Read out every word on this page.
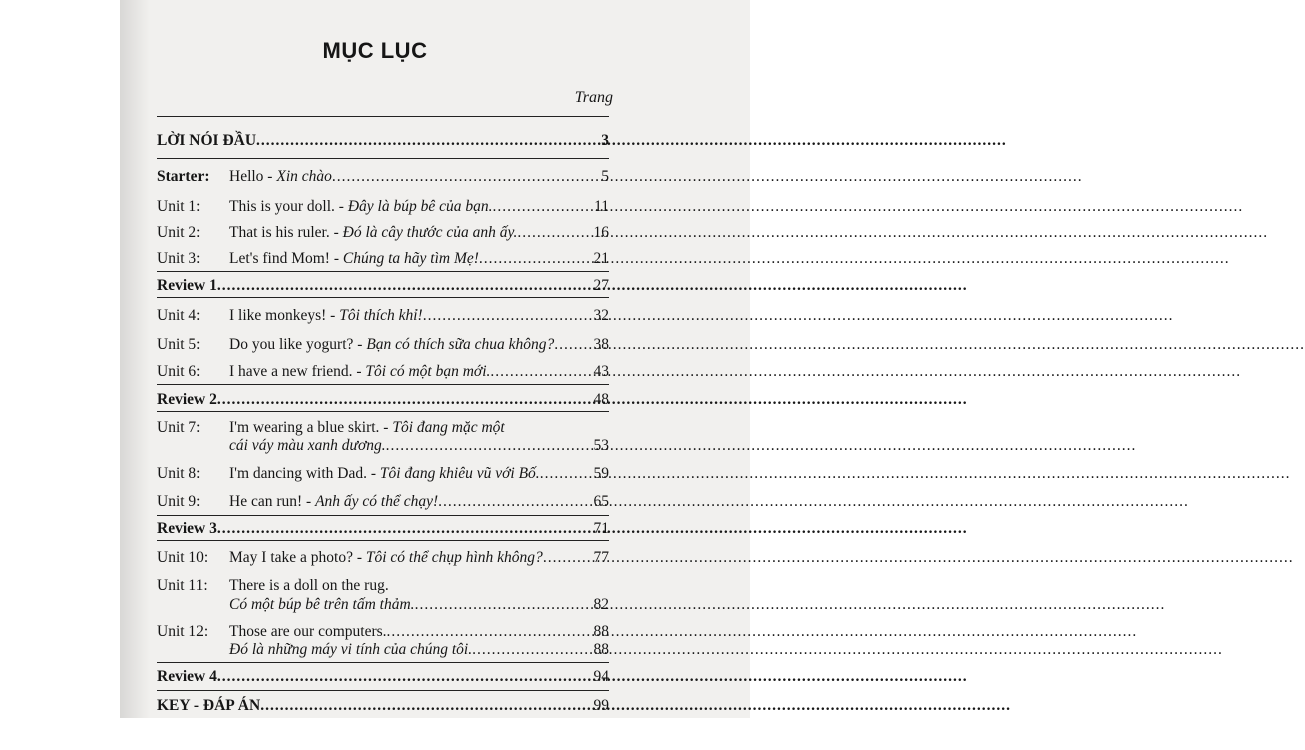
MỤC LỤC
Trang
LỜI NÓI ĐẦU .....	3
Starter:	Hello - Xin chào .....	5
Unit 1:	This is your doll. - Đây là búp bê của bạn. .....	11
Unit 2:	That is his ruler. - Đó là cây thước của anh ấy. .....	16
Unit 3:	Let's find Mom! - Chúng ta hãy tìm Mẹ! .....	21
Review 1 .....	27
Unit 4:	I like monkeys! - Tôi thích khỉ! .....	32
Unit 5:	Do you like yogurt? - Bạn có thích sữa chua không? .....	38
Unit 6:	I have a new friend. - Tôi có một bạn mới. .....	43
Review 2 .....	48
Unit 7:	I'm wearing a blue skirt. - Tôi đang mặc một
cái váy màu xanh dương. .....	53
Unit 8:	I'm dancing with Dad. - Tôi đang khiêu vũ với Bố. .....	59
Unit 9:	He can run! - Anh ấy có thể chạy! .....	65
Review 3 .....	71
Unit 10:	May I take a photo? - Tôi có thể chụp hình không? .....	77
Unit 11:	There is a doll on the rug.
Có một búp bê trên tấm thảm. .....	82
Unit 12:	Those are our computers. .....	88
Đó là những máy vi tính của chúng tôi. .....	88
Review 4 .....	94
KEY - ĐÁP ÁN .....	99
